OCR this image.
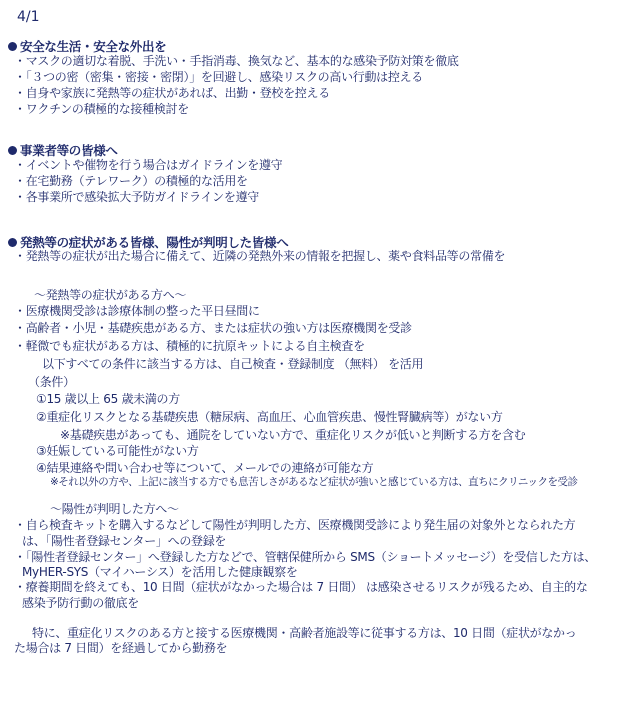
4/1
安全な生活・安全な外出を
・マスクの適切な着脱、手洗い・手指消毒、換気など、基本的な感染予防対策を徹底
・「３つの密（密集・密接・密閉）」を回避し、感染リスクの高い行動は控える
・自身や家族に発熱等の症状があれば、出勤・登校を控える
・ワクチンの積極的な接種検討を
事業者等の皆様へ
・イベントや催物を行う場合はガイドラインを遵守
・在宅勤務（テレワーク）の積極的な活用を
・各事業所で感染拡大予防ガイドラインを遵守
発熱等の症状がある皆様、陽性が判明した皆様へ
・発熱等の症状が出た場合に備えて、近隣の発熱外来の情報を把握し、薬や食料品等の常備を
～発熱等の症状がある方へ～
・医療機関受診は診療体制の整った平日昼間に
・高齢者・小児・基礎疾患がある方、または症状の強い方は医療機関を受診
・軽微でも症状がある方は、積極的に抗原キットによる自主検査を
以下すべての条件に該当する方は、自己検査・登録制度 （無料） を活用
（条件）
①15 歳以上 65 歳未満の方
②重症化リスクとなる基礎疾患（糖尿病、高血圧、心血管疾患、慢性腎臓病等）がない方
※基礎疾患があっても、通院をしていない方で、重症化リスクが低いと判断する方を含む
③妊娠している可能性がない方
④結果連絡や問い合わせ等について、メールでの連絡が可能な方
※それ以外の方や、上記に該当する方でも息苦しさがあるなど症状が強いと感じている方は、直ちにクリニックを受診
～陽性が判明した方へ～
・自ら検査キットを購入するなどして陽性が判明した方、医療機関受診により発生届の対象外となられた方
は、「陽性者登録センター」への登録を
・「陽性者登録センター」へ登録した方などで、管轄保健所から SMS（ショートメッセージ）を受信した方は、
MyHER-SYS（マイハーシス）を活用した健康観察を
・療養期間を終えても、10 日間（症状がなかった場合は 7 日間） は感染させるリスクが残るため、自主的な
感染予防行動の徹底を
特に、重症化リスクのある方と接する医療機関・高齢者施設等に従事する方は、10 日間（症状がなかっ
た場合は 7 日間）を経過してから勤務を
